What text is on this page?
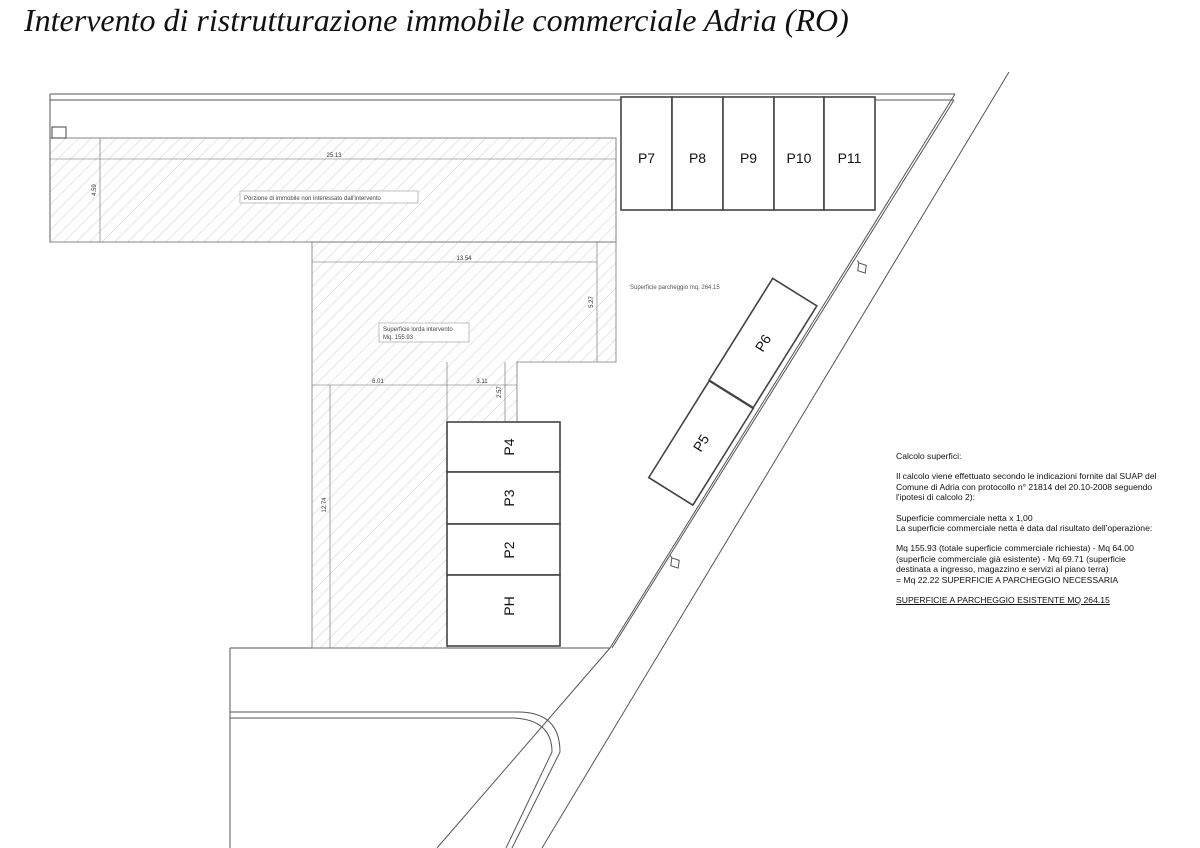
Intervento di ristrutturazione immobile commerciale Adria (RO)
25.13
4.59
13.54
5.27
6.01	3.11
2.57
12.74
Porzione di immobile non interessato dall'intervento
Superficie lorda intervento
Mq. 155.93
Superficie parcheggio mq. 264.15
P7 P8 P9 P10 P11
P6
P5
P4
P3
P2
PH

Calcolo superfici:

Il calcolo viene effettuato secondo le indicazioni fornite dal SUAP del Comune di Adria con protocollo n° 21814 del 20.10-2008 seguendo l'ipotesi di calcolo 2):

Superficie commerciale netta x 1,00

La superficie commerciale netta è data dal risultato dell'operazione:

Mq 155.93 (totale superficie commerciale richiesta) - Mq 64.00 (superficie commerciale già esistente) - Mq 69.71 (superficie destinata a ingresso, magazzino e servizi al piano terra)

= Mq 22.22 SUPERFICIE A PARCHEGGIO NECESSARIA

SUPERFICIE A PARCHEGGIO ESISTENTE MQ 264.15
